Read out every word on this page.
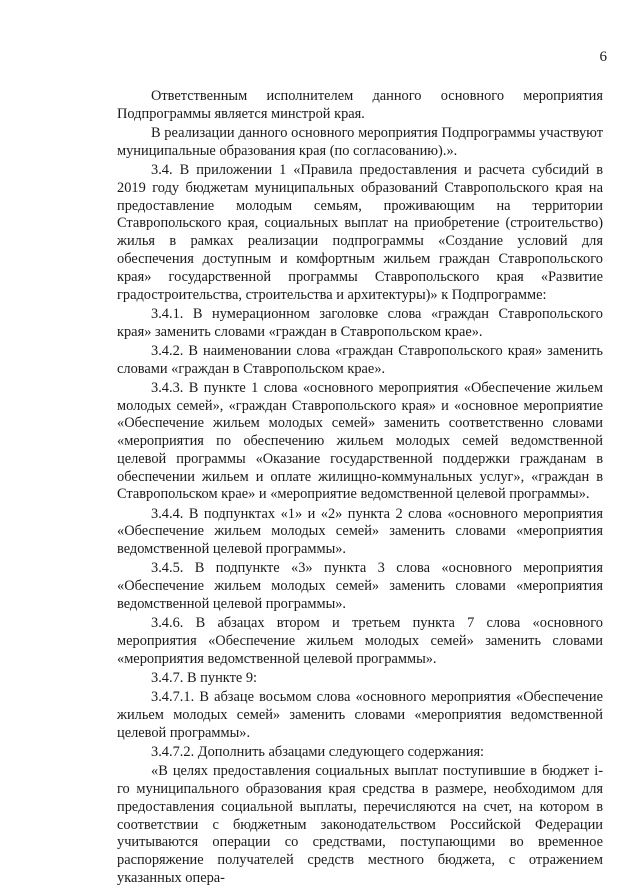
6

Ответственным исполнителем данного основного мероприятия Подпрограммы является минстрой края.

В реализации данного основного мероприятия Подпрограммы участвуют муниципальные образования края (по согласованию).».

3.4. В приложении 1 «Правила предоставления и расчета субсидий в 2019 году бюджетам муниципальных образований Ставропольского края на предоставление молодым семьям, проживающим на территории Ставропольского края, социальных выплат на приобретение (строительство) жилья в рамках реализации подпрограммы «Создание условий для обеспечения доступным и комфортным жильем граждан Ставропольского края» государственной программы Ставропольского края «Развитие градостроительства, строительства и архитектуры)» к Подпрограмме:

3.4.1. В нумерационном заголовке слова «граждан Ставропольского края» заменить словами «граждан в Ставропольском крае».

3.4.2. В наименовании слова «граждан Ставропольского края» заменить словами «граждан в Ставропольском крае».

3.4.3. В пункте 1 слова «основного мероприятия «Обеспечение жильем молодых семей», «граждан Ставропольского края» и «основное мероприятие «Обеспечение жильем молодых семей» заменить соответственно словами «мероприятия по обеспечению жильем молодых семей ведомственной целевой программы «Оказание государственной поддержки гражданам в обеспечении жильем и оплате жилищно-коммунальных услуг», «граждан в Ставропольском крае» и «мероприятие ведомственной целевой программы».

3.4.4. В подпунктах «1» и «2» пункта 2 слова «основного мероприятия «Обеспечение жильем молодых семей» заменить словами «мероприятия ведомственной целевой программы».

3.4.5. В подпункте «3» пункта 3 слова «основного мероприятия «Обеспечение жильем молодых семей» заменить словами «мероприятия ведомственной целевой программы».

3.4.6. В абзацах втором и третьем пункта 7 слова «основного мероприятия «Обеспечение жильем молодых семей» заменить словами «мероприятия ведомственной целевой программы».

3.4.7. В пункте 9:

3.4.7.1. В абзаце восьмом слова «основного мероприятия «Обеспечение жильем молодых семей» заменить словами «мероприятия ведомственной целевой программы».

3.4.7.2. Дополнить абзацами следующего содержания:

«В целях предоставления социальных выплат поступившие в бюджет i-го муниципального образования края средства в размере, необходимом для предоставления социальной выплаты, перечисляются на счет, на котором в соответствии с бюджетным законодательством Российской Федерации учитываются операции со средствами, поступающими во временное распоряжение получателей средств местного бюджета, с отражением указанных опера-
